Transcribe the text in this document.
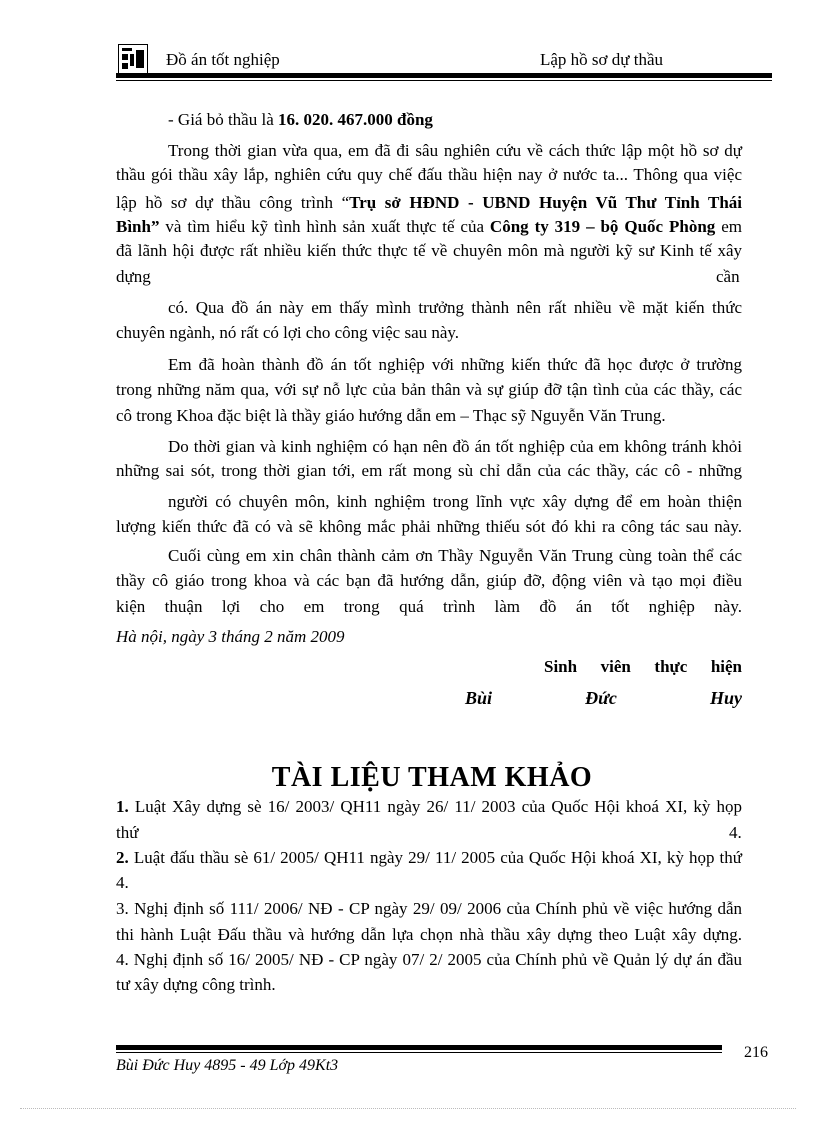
Đồ án tốt nghiệp	Lập hồ sơ dự thầu
- Giá bỏ thầu là 16. 020. 467.000 đồng
Trong thời gian vừa qua, em đã đi sâu nghiên cứu về cách thức lập một hồ sơ dự
thầu gói thầu xây lắp, nghiên cứu quy chế đấu thầu hiện nay ở nước ta... Thông qua việc
lập hồ sơ dự thầu công trình “Trụ sở HĐND - UBND Huyện Vũ Thư Tỉnh Thái
Bình” và tìm hiểu kỹ tình hình sản xuất thực tế của Công ty 319 – bộ Quốc Phòng em
đã lãnh hội được rất nhiều kiến thức thực tế về chuyên môn mà người kỹ sư Kinh tế xây
dựng	cần
có. Qua đồ án này em thấy mình trưởng thành nên rất nhiều về mặt kiến thức
chuyên ngành, nó rất có lợi cho công việc sau này.
Em đã hoàn thành đồ án tốt nghiệp với những kiến thức đã học được ở trường
trong những năm qua, với sự nỗ lực của bản thân và sự giúp đỡ tận tình của các thầy, các
cô trong Khoa đặc biệt là thầy giáo hướng dẫn em – Thạc sỹ Nguyễn Văn Trung.
Do thời gian và kinh nghiệm có hạn nên đồ án tốt nghiệp của em không tránh khỏi
những sai sót, trong thời gian tới, em rất mong sù chỉ dẫn của các thầy, các cô - những
người có chuyên môn, kinh nghiệm trong lĩnh vực xây dựng để em hoàn thiện
lượng kiến thức đã có và sẽ không mắc phải những thiếu sót đó khi ra công tác sau này.
Cuối cùng em xin chân thành cảm ơn Thầy Nguyễn Văn Trung cùng toàn thể các
thầy cô giáo trong khoa và các bạn đã hướng dẫn, giúp đỡ, động viên và tạo mọi điều
kiện thuận lợi cho em trong quá trình làm đồ án tốt nghiệp này.
Hà nội, ngày 3 tháng 2 năm 2009
Sinh viên thực hiện
Bùi Đức Huy
TÀI LIỆU THAM KHẢO
1. Luật Xây dựng sè 16/ 2003/ QH11 ngày 26/ 11/ 2003 của Quốc Hội khoá XI, kỳ họp
thứ	4.
2. Luật đấu thầu sè 61/ 2005/ QH11 ngày 29/ 11/ 2005 của Quốc Hội khoá XI, kỳ họp thứ
4.
3. Nghị định số 111/ 2006/ NĐ - CP ngày 29/ 09/ 2006 của Chính phủ về việc hướng dẫn
thi hành Luật Đấu thầu và hướng dẫn lựa chọn nhà thầu xây dựng theo Luật xây dựng.
4. Nghị định số 16/ 2005/ NĐ - CP ngày 07/ 2/ 2005 của Chính phủ về Quản lý dự án đầu
tư xây dựng công trình.
Bùi Đức Huy 4895 - 49 Lớp 49Kt3
216
